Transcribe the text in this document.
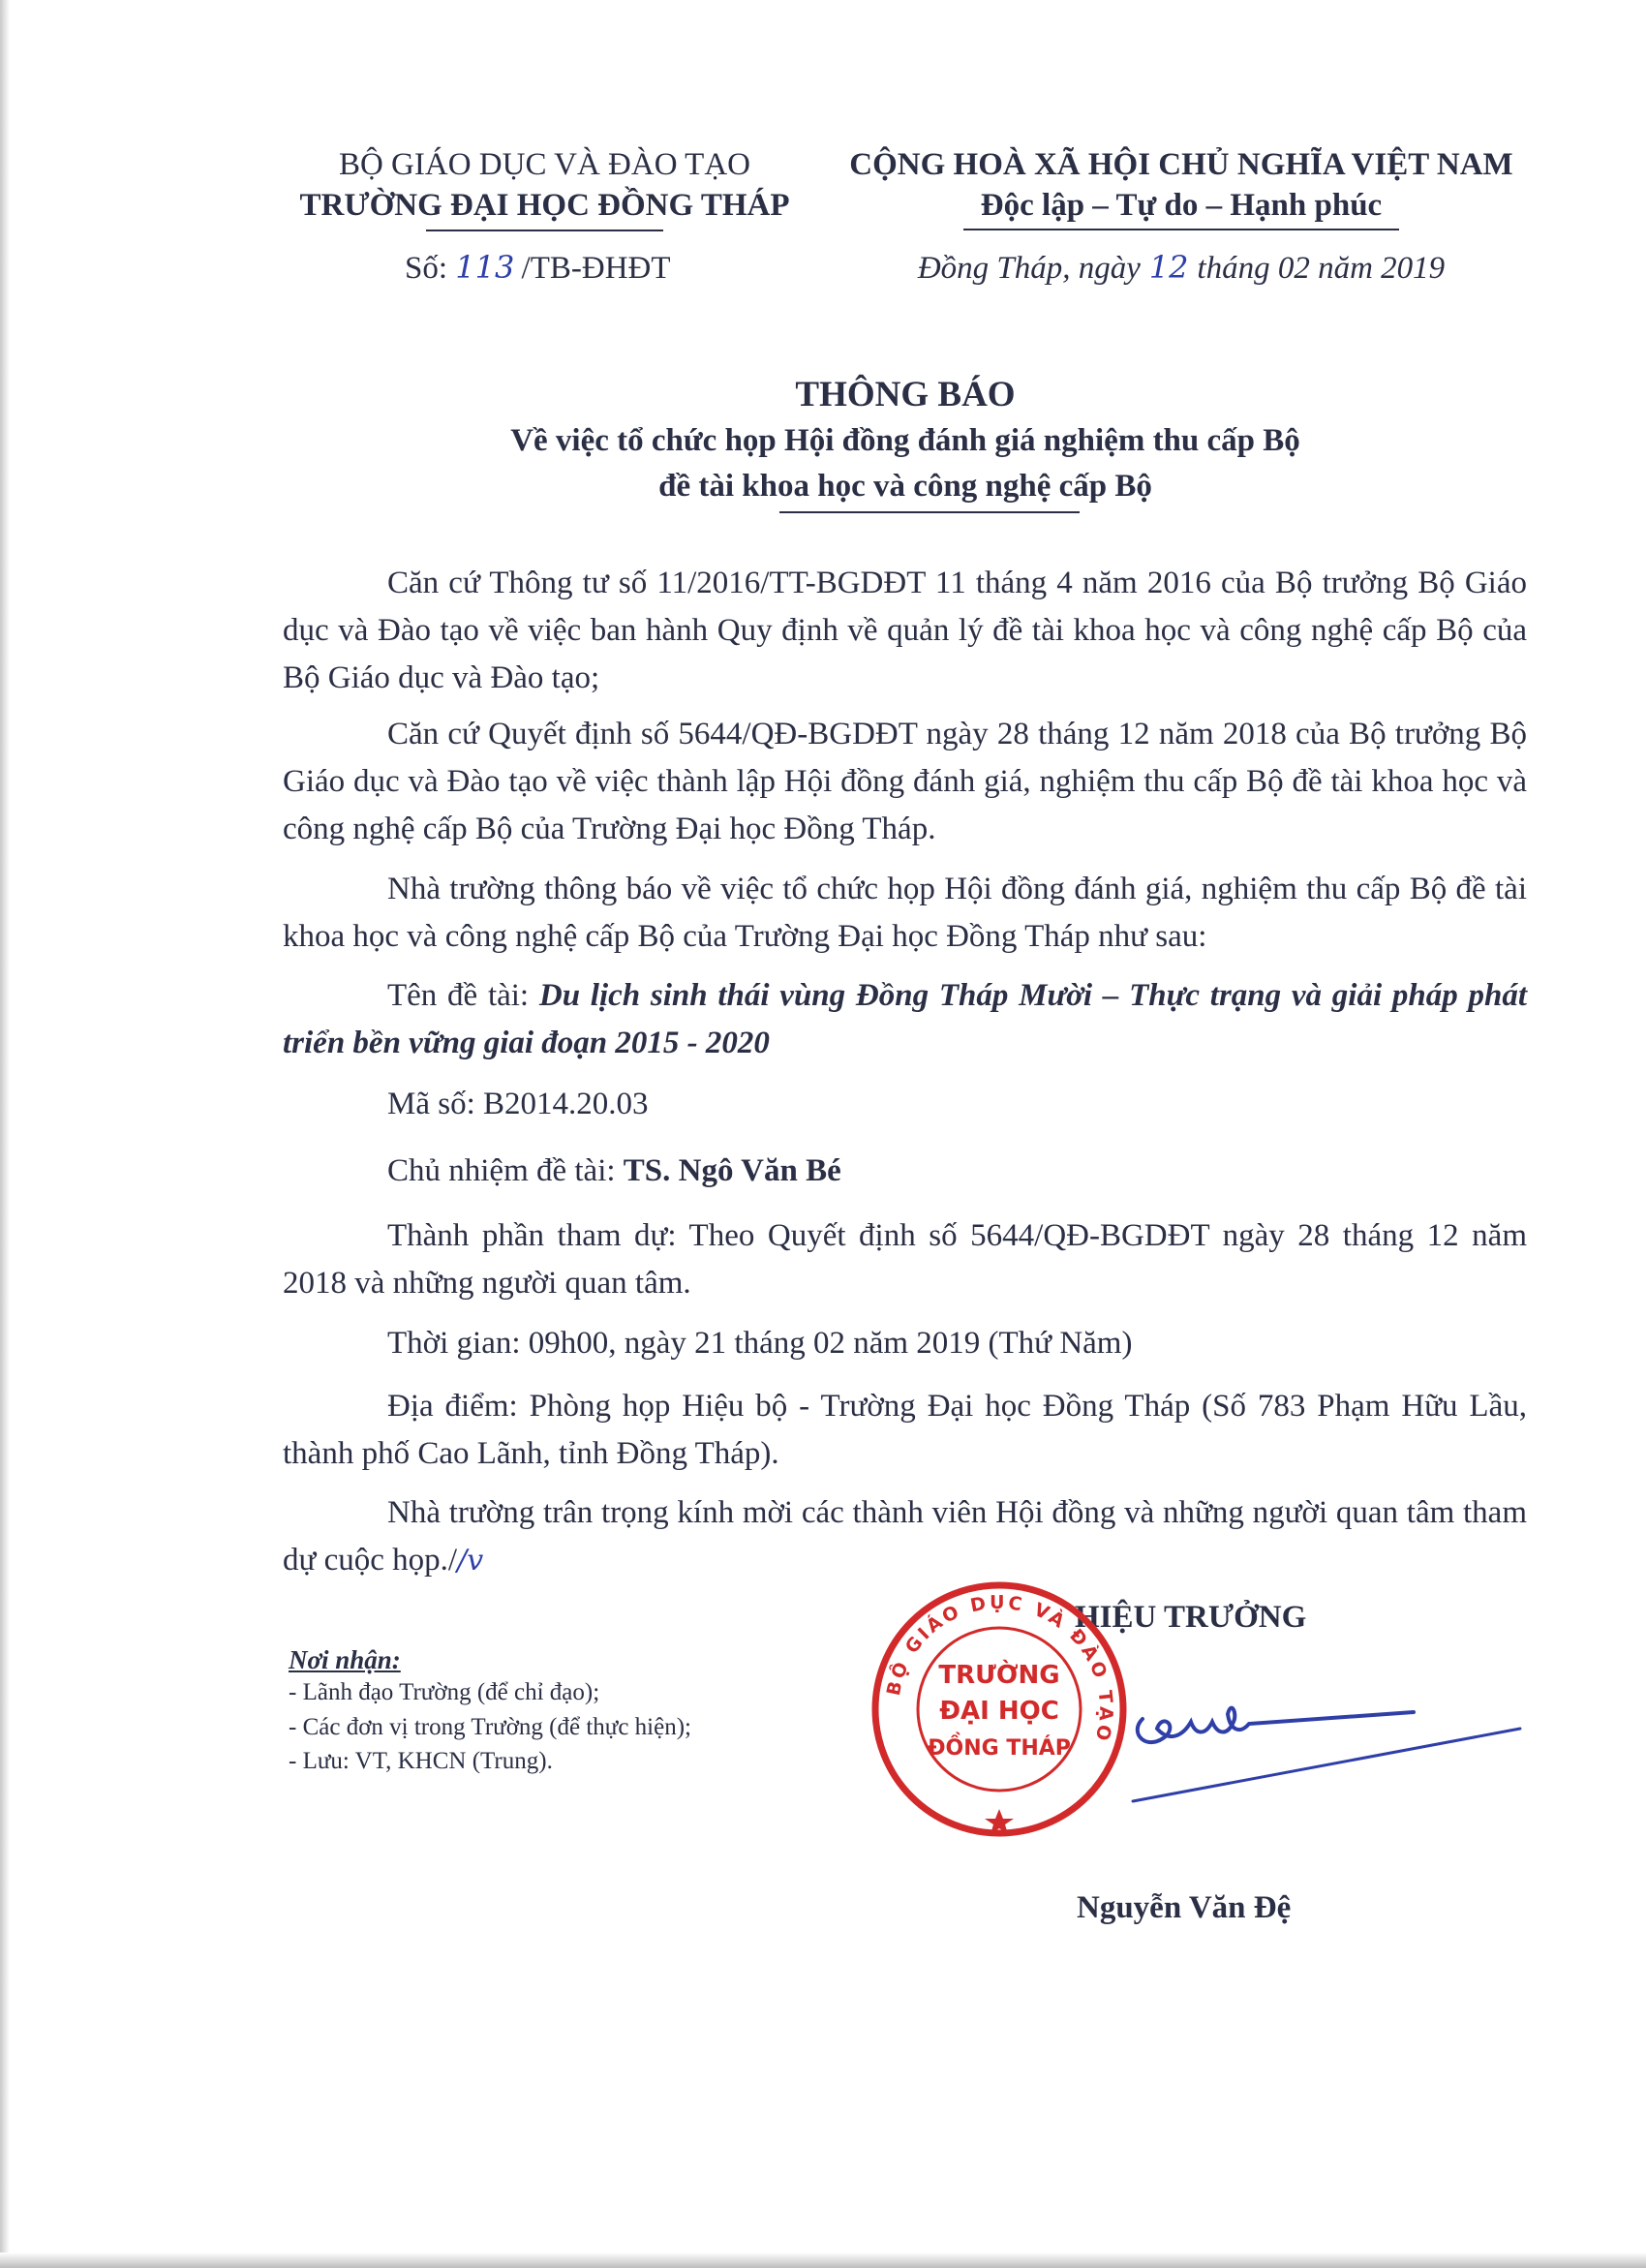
BỘ GIÁO DỤC VÀ ĐÀO TẠO
TRƯỜNG ĐẠI HỌC ĐỒNG THÁP
Số: 113 /TB-ĐHĐT
CỘNG HOÀ XÃ HỘI CHỦ NGHĨA VIỆT NAM
Độc lập – Tự do – Hạnh phúc
Đồng Tháp, ngày 12 tháng 02 năm 2019
THÔNG BÁO
Về việc tổ chức họp Hội đồng đánh giá nghiệm thu cấp Bộ
đề tài khoa học và công nghệ cấp Bộ
Căn cứ Thông tư số 11/2016/TT-BGDĐT 11 tháng 4 năm 2016 của Bộ trưởng Bộ Giáo dục và Đào tạo về việc ban hành Quy định về quản lý đề tài khoa học và công nghệ cấp Bộ của Bộ Giáo dục và Đào tạo;
Căn cứ Quyết định số 5644/QĐ-BGDĐT ngày 28 tháng 12 năm 2018 của Bộ trưởng Bộ Giáo dục và Đào tạo về việc thành lập Hội đồng đánh giá, nghiệm thu cấp Bộ đề tài khoa học và công nghệ cấp Bộ của Trường Đại học Đồng Tháp.
Nhà trường thông báo về việc tổ chức họp Hội đồng đánh giá, nghiệm thu cấp Bộ đề tài khoa học và công nghệ cấp Bộ của Trường Đại học Đồng Tháp như sau:
Tên đề tài: Du lịch sinh thái vùng Đồng Tháp Mười – Thực trạng và giải pháp phát triển bền vững giai đoạn 2015 - 2020
Mã số: B2014.20.03
Chủ nhiệm đề tài: TS. Ngô Văn Bé
Thành phần tham dự: Theo Quyết định số 5644/QĐ-BGDĐT ngày 28 tháng 12 năm 2018 và những người quan tâm.
Thời gian: 09h00, ngày 21 tháng 02 năm 2019 (Thứ Năm)
Địa điểm: Phòng họp Hiệu bộ - Trường Đại học Đồng Tháp (Số 783 Phạm Hữu Lầu, thành phố Cao Lãnh, tỉnh Đồng Tháp).
Nhà trường trân trọng kính mời các thành viên Hội đồng và những người quan tâm tham dự cuộc họp.//v
Nơi nhận:
- Lãnh đạo Trường (để chỉ đạo);
- Các đơn vị trong Trường (để thực hiện);
- Lưu: VT, KHCN (Trung).
HIỆU TRƯỞNG
BỘ GIÁO DỤC VÀ ĐÀO TẠO
TRƯỜNG
ĐẠI HỌC
ĐỒNG THÁP
Nguyễn Văn Đệ
